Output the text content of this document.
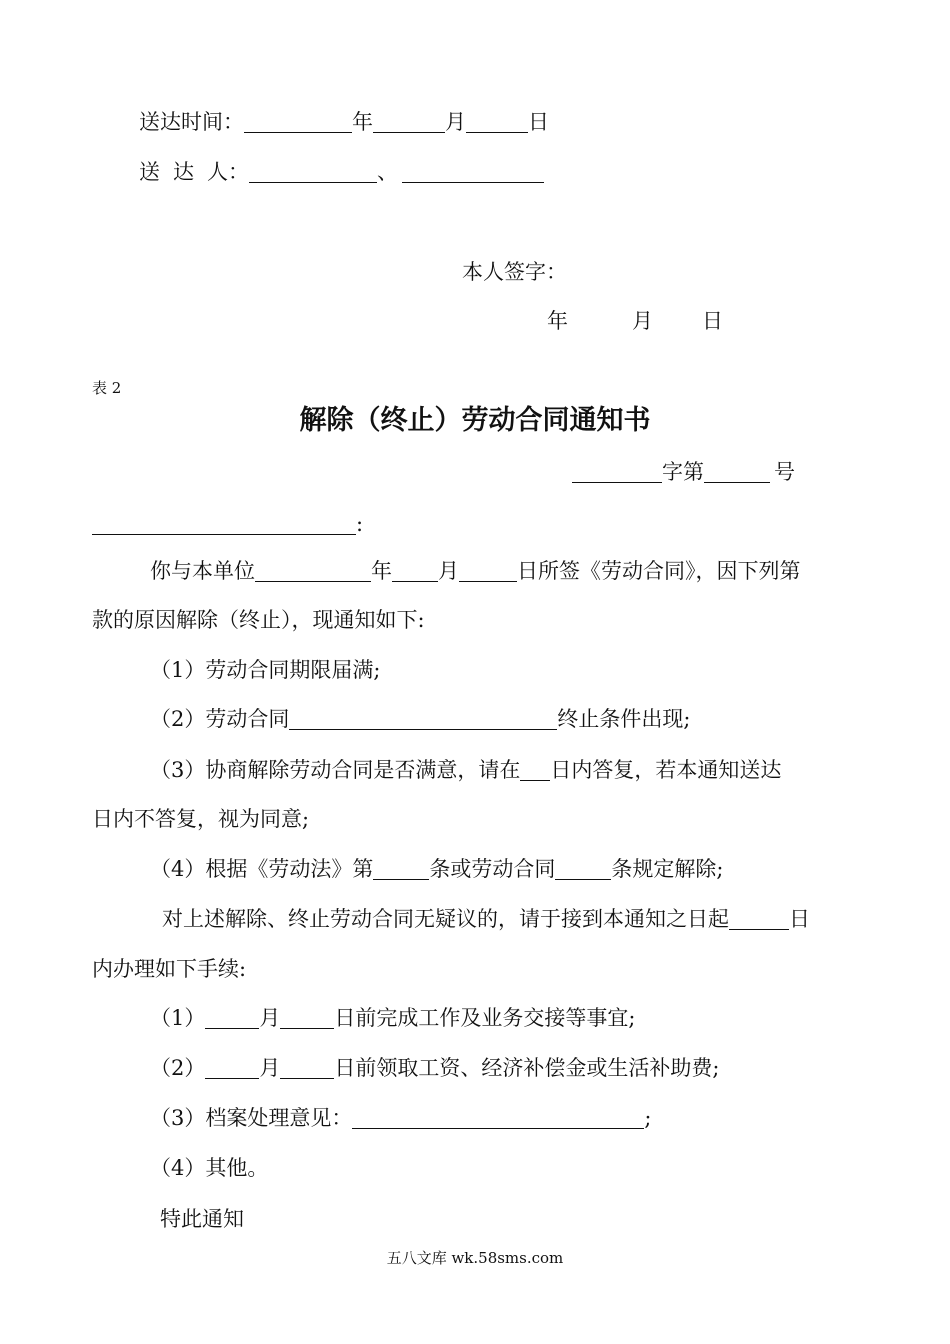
送达时间：	年	月	日
送 达 人：	、
本人签字：
年	月 日
表 2
解除（终止）劳动合同通知书
字第	号
:
你与本单位	年 月	日所签《劳动合同》，因下列第
款的原因解除（终止），现通知如下:
（1）劳动合同期限届满;
（2）劳动合同	终止条件出现;
（3）协商解除劳动合同是否满意，请在 日内答复，若本通知送达
日内不答复，视为同意;
（4）根据《劳动法》第	条或劳动合同	条规定解除;
对上述解除、终止劳动合同无疑议的，请于接到本通知之日起	日
内办理如下手续:
（1）	月	日前完成工作及业务交接等事宜;
（2）	月	日前领取工资、经济补偿金或生活补助费;
（3）档案处理意见：	;
（4）其他。
特此通知
五八文库 wk.58sms.com
